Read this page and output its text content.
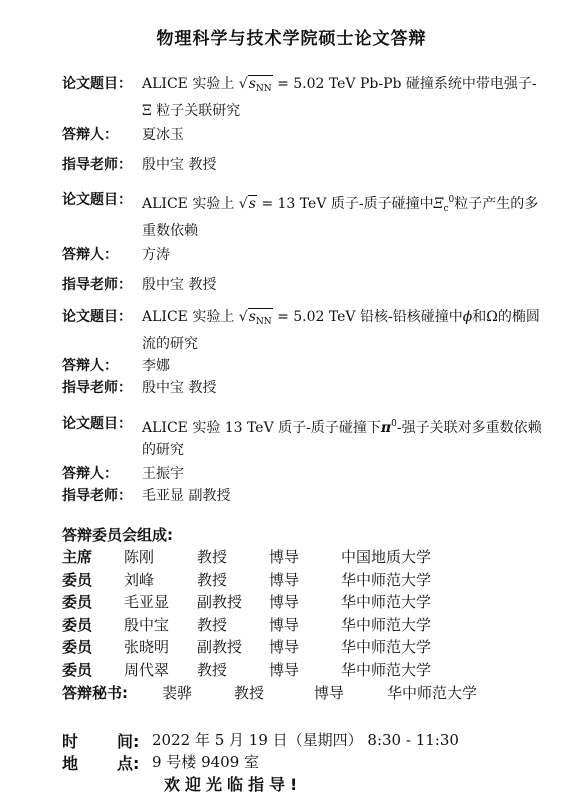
物理科学与技术学院硕士论文答辩
论文题目： ALICE 实验上 $√s_{NN} = 5.02$ TeV Pb-Pb 碰撞系统中带电强子- Ξ 粒子关联研究
答辩人： 夏冰玉
指导老师： 殷中宝 教授
论文题目： ALICE 实验上 √s = 13 TeV 质子-质子碰撞中$\Xi_c^0$粒子产生的多重数依赖
答辩人： 方涛
指导老师： 殷中宝 教授
论文题目： ALICE 实验上 $√s_{NN} = 5.02$ TeV 铅核-铅核碰撞中ϕ和Ω的椭圆流的研究
答辩人： 李娜
指导老师： 殷中宝 教授
论文题目： ALICE 实验 13 TeV 质子-质子碰撞下$\pi^0-$强子关联对多重数依赖的研究
答辩人： 王振宇
指导老师： 毛亚显 副教授
答辩委员会组成:
主席 陈刚	教授	博导	中国地质大学
委员 刘峰	教授	博导	华中师范大学
委员 毛亚显 副教授 博导	华中师范大学
委员 殷中宝 教授	博导	华中师范大学
委员 张晓明 副教授 博导	华中师范大学
委员 周代翠 教授	博导	华中师范大学
答辩秘书: 裴骅	教授	博导	华中师范大学
时 间: 2022 年 5 月 19 日（星期四） 8:30 - 11:30
地 点: 9 号楼 9409 室
欢迎光临指导!
